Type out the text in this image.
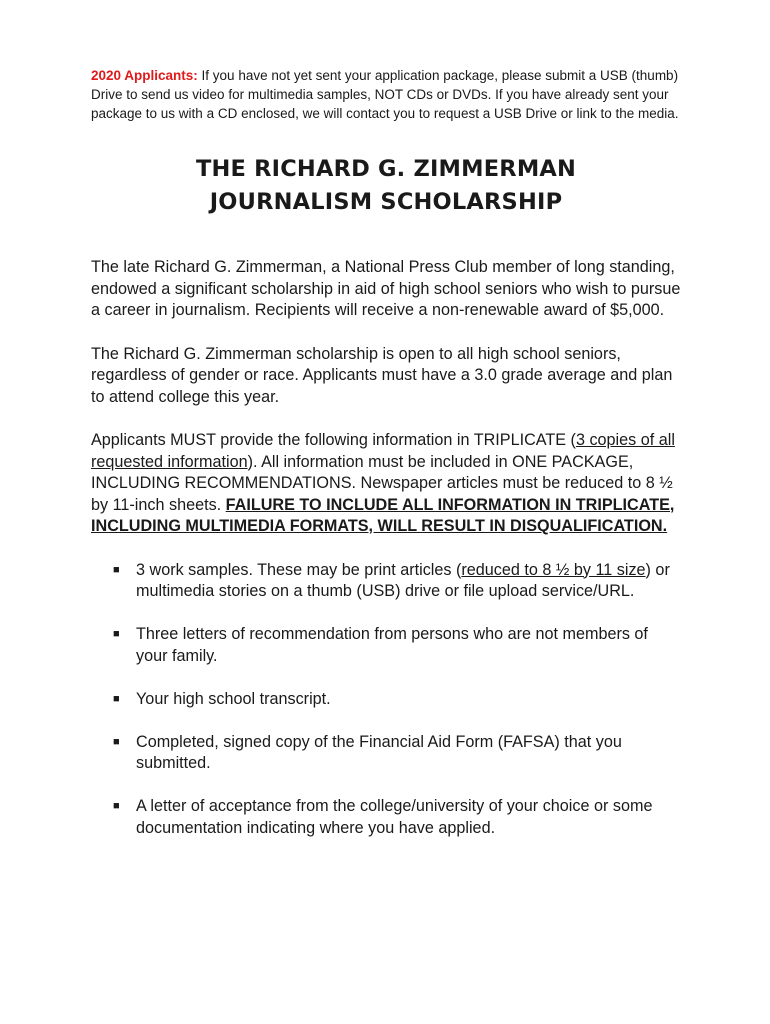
2020 Applicants: If you have not yet sent your application package, please submit a USB (thumb) Drive to send us video for multimedia samples, NOT CDs or DVDs. If you have already sent your package to us with a CD enclosed, we will contact you to request a USB Drive or link to the media.

THE RICHARD G. ZIMMERMAN
JOURNALISM SCHOLARSHIP

The late Richard G. Zimmerman, a National Press Club member of long standing, endowed a significant scholarship in aid of high school seniors who wish to pursue a career in journalism. Recipients will receive a non-renewable award of $5,000.

The Richard G. Zimmerman scholarship is open to all high school seniors, regardless of gender or race. Applicants must have a 3.0 grade average and plan to attend college this year.

Applicants MUST provide the following information in TRIPLICATE (3 copies of all requested information). All information must be included in ONE PACKAGE, INCLUDING RECOMMENDATIONS. Newspaper articles must be reduced to 8 ½ by 11-inch sheets. FAILURE TO INCLUDE ALL INFORMATION IN TRIPLICATE, INCLUDING MULTIMEDIA FORMATS, WILL RESULT IN DISQUALIFICATION.

■ 3 work samples. These may be print articles (reduced to 8 ½ by 11 size) or multimedia stories on a thumb (USB) drive or file upload service/URL.
■ Three letters of recommendation from persons who are not members of your family.
■ Your high school transcript.
■ Completed, signed copy of the Financial Aid Form (FAFSA) that you submitted.
■ A letter of acceptance from the college/university of your choice or some documentation indicating where you have applied.
